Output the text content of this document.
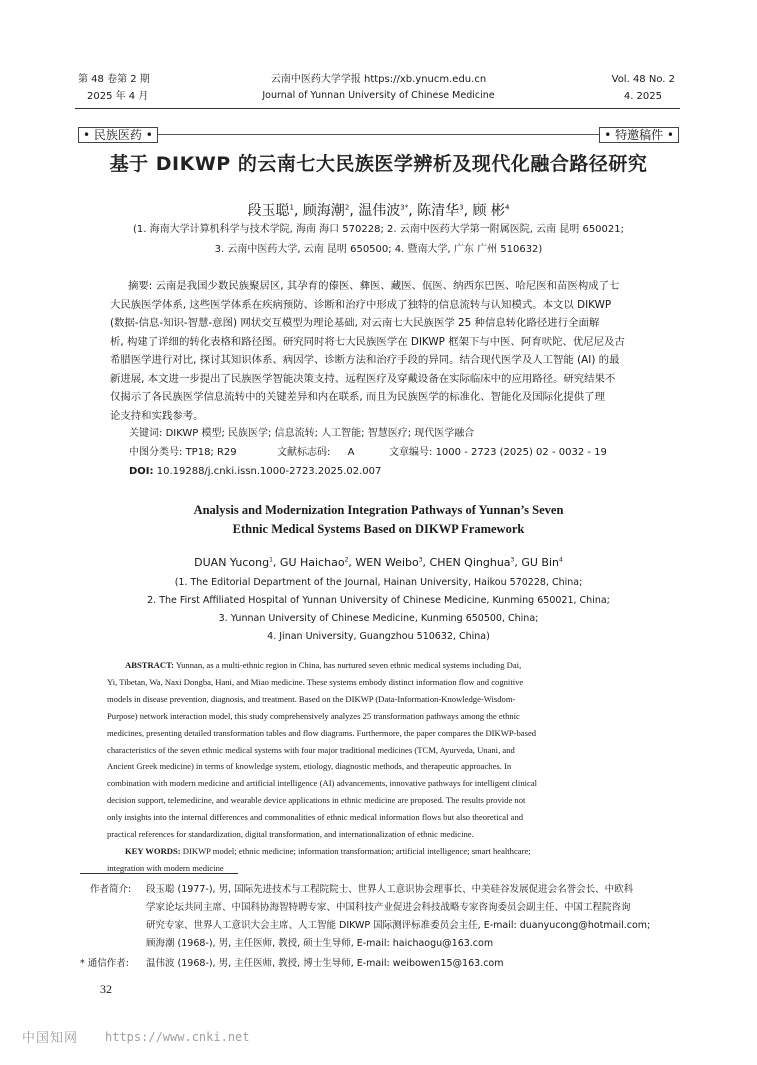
第 48 卷第 2 期
2025 年 4 月
云南中医药大学学报 https://xb.ynucm.edu.cn
Journal of Yunnan University of Chinese Medicine
Vol. 48 No. 2
4. 2025
• 民族医药 •	• 特邀稿件 •
基于 DIKWP 的云南七大民族医学辨析及现代化融合路径研究
段玉聪$^1$, 顾海潮$^2$, 温伟波$^{3*}$, 陈清华$^3$, 顾 彬$^4$
(1. 海南大学计算机科学与技术学院, 海南 海口 570228; 2. 云南中医药大学第一附属医院, 云南 昆明 650021;
3. 云南中医药大学, 云南 昆明 650500; 4. 暨南大学, 广东 广州 510632)
摘要: 云南是我国少数民族聚居区, 其孕育的傣医、彝医、藏医、佤医、纳西东巴医、哈尼医和苗医构成了七
大民族医学体系, 这些医学体系在疾病预防、诊断和治疗中形成了独特的信息流转与认知模式。本文以 DIKWP
(数据-信息-知识-智慧-意图) 网状交互模型为理论基础, 对云南七大民族医学 25 种信息转化路径进行全面解
析, 构建了详细的转化表格和路径图。研究同时将七大民族医学在 DIKWP 框架下与中医、阿育吠陀、优尼尼及古
希腊医学进行对比, 探讨其知识体系、病因学、诊断方法和治疗手段的异同。结合现代医学及人工智能 (AI) 的最
新进展, 本文进一步提出了民族医学智能决策支持、远程医疗及穿戴设备在实际临床中的应用路径。研究结果不
仅揭示了各民族医学信息流转中的关键差异和内在联系, 而且为民族医学的标准化、智能化及国际化提供了理
论支持和实践参考。
关键词: DIKWP 模型; 民族医学; 信息流转; 人工智能; 智慧医疗; 现代医学融合
中图分类号: TP18; R29	文献标志码: A	文章编号: 1000 - 2723 (2025) 02 - 0032 - 19
DOI: 10.19288/j.cnki.issn.1000-2723.2025.02.007
Analysis and Modernization Integration Pathways of Yunnan’s Seven
Ethnic Medical Systems Based on DIKWP Framework
DUAN Yucong$^1$, GU Haichao$^2$, WEN Weibo$^3$, CHEN Qinghua$^3$, GU Bin$^4$
(1. The Editorial Department of the Journal, Hainan University, Haikou 570228, China;
2. The First Affiliated Hospital of Yunnan University of Chinese Medicine, Kunming 650021, China;
3. Yunnan University of Chinese Medicine, Kunming 650500, China;
4. Jinan University, Guangzhou 510632, China)
ABSTRACT: Yunnan, as a multi-ethnic region in China, has nurtured seven ethnic medical systems including Dai,
Yi, Tibetan, Wa, Naxi Dongba, Hani, and Miao medicine. These systems embody distinct information flow and cognitive
models in disease prevention, diagnosis, and treatment. Based on the DIKWP (Data-Information-Knowledge-Wisdom-
Purpose) network interaction model, this study comprehensively analyzes 25 transformation pathways among the ethnic
medicines, presenting detailed transformation tables and flow diagrams. Furthermore, the paper compares the DIKWP-based
characteristics of the seven ethnic medical systems with four major traditional medicines (TCM, Ayurveda, Unani, and
Ancient Greek medicine) in terms of knowledge system, etiology, diagnostic methods, and therapeutic approaches. In
combination with modern medicine and artificial intelligence (AI) advancements, innovative pathways for intelligent clinical
decision support, telemedicine, and wearable device applications in ethnic medicine are proposed. The results provide not
only insights into the internal differences and commonalities of ethnic medical information flows but also theoretical and
practical references for standardization, digital transformation, and internationalization of ethnic medicine.
KEY WORDS: DIKWP model; ethnic medicine; information transformation; artificial intelligence; smart healthcare;
integration with modern medicine
作者简介: 段玉聪 (1977-), 男, 国际先进技术与工程院院士、世界人工意识协会理事长、中美硅谷发展促进会名誉会长、中欧科
学家论坛共同主席、中国科协海智特聘专家、中国科技产业促进会科技战略专家咨询委员会副主任、中国工程院咨询
研究专家、世界人工意识大会主席、人工智能 DIKWP 国际测评标准委员会主任, E-mail: duanyucong@hotmail.com;
顾海潮 (1968-), 男, 主任医师, 教授, 硕士生导师, E-mail: haichaogu@163.com
* 通信作者: 温伟波 (1968-), 男, 主任医师, 教授, 博士生导师, E-mail: weibowen15@163.com
32
中国知网 https://www.cnki.net
